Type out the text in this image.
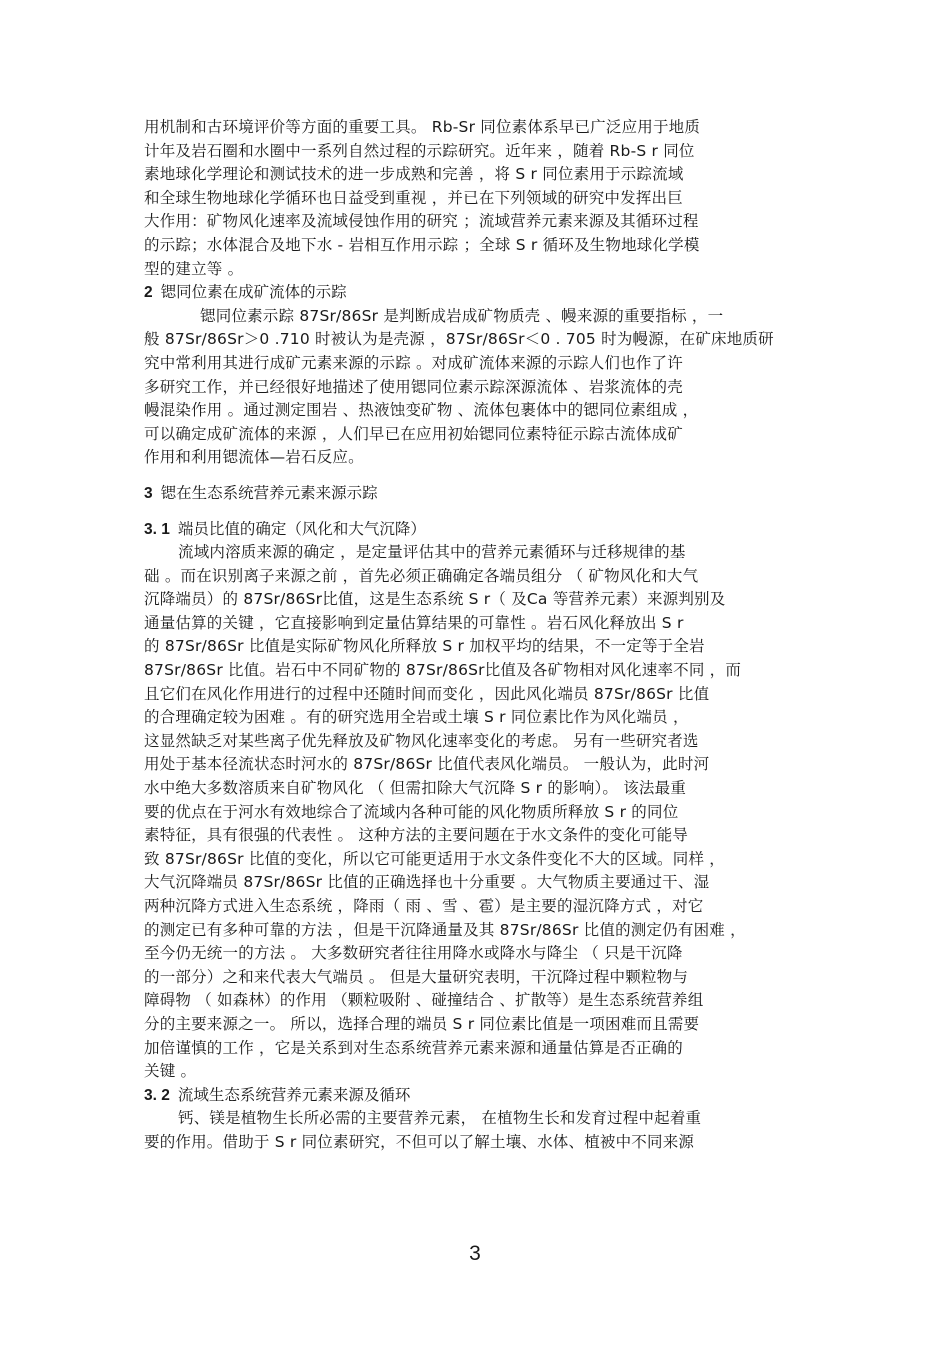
用机制和古环境评价等方面的重要工具。 Rb-Sr 同位素体系早已广泛应用于地质
计年及岩石圈和水圈中一系列自然过程的示踪研究。近年来 ，随着 Rb-S r 同位
素地球化学理论和测试技术的进一步成熟和完善 ，将 S r 同位素用于示踪流域
和全球生物地球化学循环也日益受到重视 ，并已在下列领域的研究中发挥出巨
大作用：矿物风化速率及流域侵蚀作用的研究 ；流域营养元素来源及其循环过程
的示踪；水体混合及地下水 - 岩相互作用示踪 ；全球 S r 循环及生物地球化学模
型的建立等 。
2 锶同位素在成矿流体的示踪
锶同位素示踪 87Sr/86Sr 是判断成岩成矿物质壳 、幔来源的重要指标 ，一
般 87Sr/86Sr＞0 .710 时被认为是壳源 ，87Sr/86Sr＜0 . 705 时为幔源，在矿床地质研
究中常利用其进行成矿元素来源的示踪 。对成矿流体来源的示踪人们也作了许
多研究工作，并已经很好地描述了使用锶同位素示踪深源流体 、岩浆流体的壳
幔混染作用 。通过测定围岩 、热液蚀变矿物 、流体包裹体中的锶同位素组成 ，
可以确定成矿流体的来源 ，人们早已在应用初始锶同位素特征示踪古流体成矿
作用和利用锶流体—岩石反应。
3 锶在生态系统营养元素来源示踪
3. 1 端员比值的确定（风化和大气沉降）
流域内溶质来源的确定 ，是定量评估其中的营养元素循环与迁移规律的基
础 。而在识别离子来源之前 ，首先必须正确确定各端员组分 （ 矿物风化和大气
沉降端员）的 87Sr/86Sr比值，这是生态系统 S r（ 及Ca 等营养元素）来源判别及
通量估算的关键 ，它直接影响到定量估算结果的可靠性 。岩石风化释放出 S r
的 87Sr/86Sr 比值是实际矿物风化所释放 S r 加权平均的结果，不一定等于全岩
87Sr/86Sr 比值。岩石中不同矿物的 87Sr/86Sr比值及各矿物相对风化速率不同 ，而
且它们在风化作用进行的过程中还随时间而变化 ，因此风化端员 87Sr/86Sr 比值
的合理确定较为困难 。有的研究选用全岩或土壤 S r 同位素比作为风化端员 ，
这显然缺乏对某些离子优先释放及矿物风化速率变化的考虑。 另有一些研究者选
用处于基本径流状态时河水的 87Sr/86Sr 比值代表风化端员。 一般认为，此时河
水中绝大多数溶质来自矿物风化 （ 但需扣除大气沉降 S r 的影响）。 该法最重
要的优点在于河水有效地综合了流域内各种可能的风化物质所释放 S r 的同位
素特征，具有很强的代表性 。 这种方法的主要问题在于水文条件的变化可能导
致 87Sr/86Sr 比值的变化，所以它可能更适用于水文条件变化不大的区域。同样 ，
大气沉降端员 87Sr/86Sr 比值的正确选择也十分重要 。大气物质主要通过干、湿
两种沉降方式进入生态系统 ，降雨（ 雨 、雪 、雹）是主要的湿沉降方式 ，对它
的测定已有多种可靠的方法 ，但是干沉降通量及其 87Sr/86Sr 比值的测定仍有困难 ，
至今仍无统一的方法 。 大多数研究者往往用降水或降水与降尘 （ 只是干沉降
的一部分）之和来代表大气端员 。 但是大量研究表明，干沉降过程中颗粒物与
障碍物 （ 如森林）的作用 （颗粒吸附 、碰撞结合 、扩散等）是生态系统营养组
分的主要来源之一。 所以，选择合理的端员 S r 同位素比值是一项困难而且需要
加倍谨慎的工作 ，它是关系到对生态系统营养元素来源和通量估算是否正确的
关键 。
3. 2 流域生态系统营养元素来源及循环
钙、镁是植物生长所必需的主要营养元素， 在植物生长和发育过程中起着重
要的作用。借助于 S r 同位素研究，不但可以了解土壤、水体、植被中不同来源
3
